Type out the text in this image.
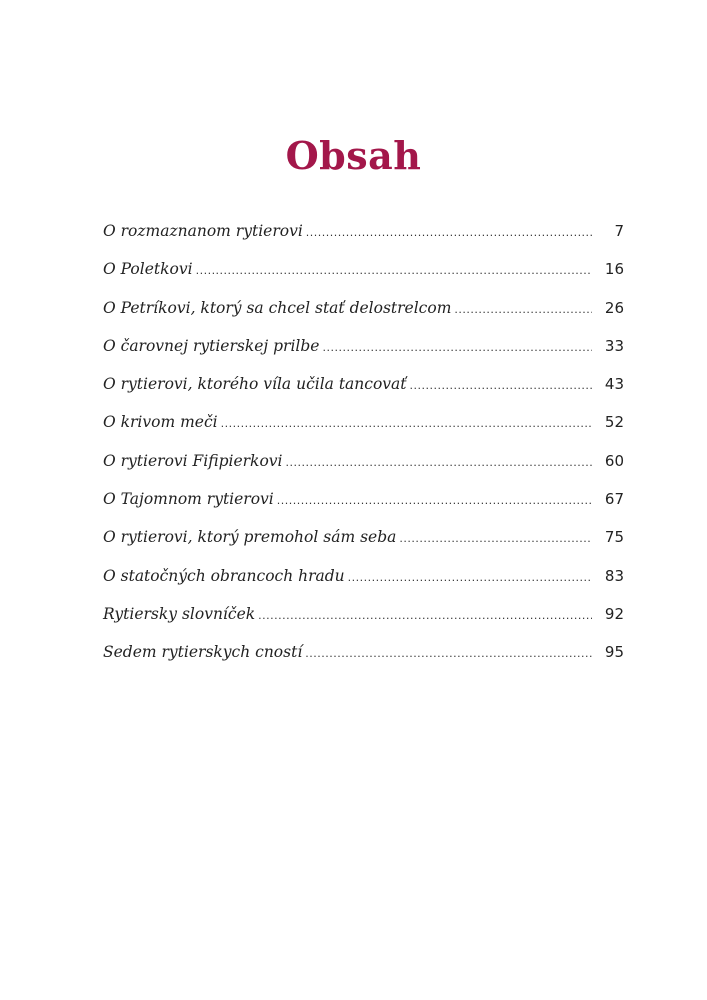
Obsah
O rozmaznanom rytierovi .....	7
O Poletkovi .....	16
O Petríkovi, ktorý sa chcel stať delostrelcom .....	26
O čarovnej rytierskej prilbe .....	33
O rytierovi, ktorého víla učila tancovať .....	43
O krivom meči .....	52
O rytierovi Fifipierkovi .....	60
O Tajomnom rytierovi .....	67
O rytierovi, ktorý premohol sám seba .....	75
O statočných obrancoch hradu .....	83
Rytiersky slovníček .....	92
Sedem rytierskych cností .....	95
